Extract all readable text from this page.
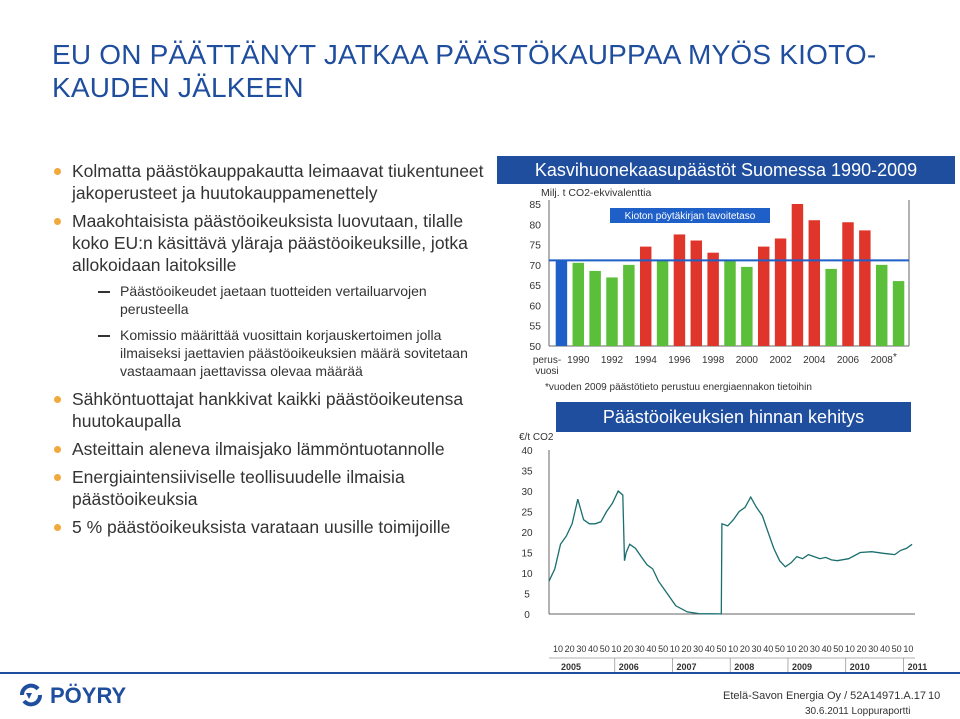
EU ON PÄÄTTÄNYT JATKAA PÄÄSTÖKAUPPAA MYÖS KIOTO-
KAUDEN JÄLKEEN
Kolmatta päästökauppakautta leimaavat tiukentuneet jakoperusteet ja huutokauppamenettely
Maakohtaisista päästöoikeuksista luovutaan, tilalle koko EU:n käsittävä yläraja päästöoikeuksille, jotka allokoidaan laitoksille
Päästöoikeudet jaetaan tuotteiden vertailuarvojen perusteella
Komissio määrittää vuosittain korjauskertoimen jolla ilmaiseksi jaettavien päästöoikeuksien määrä sovitetaan vastaamaan jaettavissa olevaa määrää
Sähköntuottajat hankkivat kaikki päästöoikeutensa huutokaupalla
Asteittain aleneva ilmaisjako lämmöntuotannolle
Energiaintensiiviselle teollisuudelle ilmaisia päästöoikeuksia
5 % päästöoikeuksista varataan uusille toimijoille
Kasvihuonekaasupäästöt Suomessa 1990-2009
Milj. t CO2-ekvivalenttia
50
55
60
65
70
75
80
85
Kioton pöytäkirjan tavoitetaso
perus-
vuosi
1990 1992 1994 1996 1998 2000 2002 2004 2006 2008 *
*vuoden 2009 päästötieto perustuu energiaennakon tietoihin
Päästöoikeuksien hinnan kehitys
€/t CO2
0
5
10
15
20
25
30
35
40
10 20 30 40 50 10 20 30 40 50 10 20 30 40 50 10 20 30 40 50 10 20 30 40 50 10 20 30 40 50 10
2005	2006	2007	2008	2009	2010	2011
PÖYRY	Etelä-Savon Energia Oy / 52A14971.A.17 10
30.6.2011 Loppuraportti
